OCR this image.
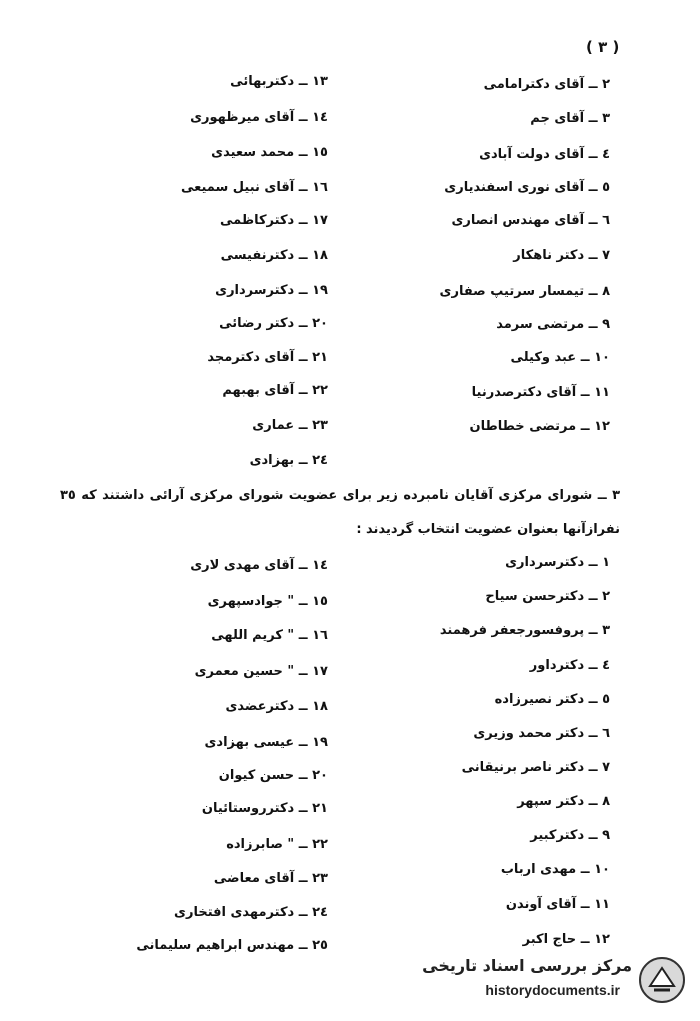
( ٣ )
٢ ــ آقای دکترامامی
٣ ــ آقای جم
٤ ــ آقای دولت آبادی
٥ ــ آقای نوری اسفندیاری
٦ ــ آقای مهندس انصاری
٧ ــ دکتر ناهکار
٨ ــ تیمسار سرتیپ صفاری
٩ ــ مرتضی سرمد
١٠ ــ عبد وکیلی
١١ ــ آقای دکترصدرنیا
١٢ ــ مرتضی خطاطان
١٣ ــ دکتربهائی
١٤ ــ آقای میرظهوری
١٥ ــ محمد سعیدی
١٦ ــ آقای نبیل سمیعی
١٧ ــ دکترکاظمی
١٨ ــ دکترنفیسی
١٩ ــ دکترسرداری
٢٠ ــ دکتر رضائی
٢١ ــ آقای دکترمجد
٢٢ ــ آقای بهبهم
٢٣ ــ عمارى
٢٤ ــ بهزادی
٣ ــ شورای مرکزی آقایان نامبرده زیر برای عضویت شورای مرکزی آرائی داشتند که ٣٥ نفرازآنها بعنوان عضویت انتخاب گردیدند :
١ ــ دکترسرداری
٢ ــ دکترحسن سیاح
٣ ــ پروفسورجعفر فرهمند
٤ ــ دکترداور
٥ ــ دکتر نصیرزاده
٦ ــ دکتر محمد وزیری
٧ ــ دکتر ناصر برنیقانی
٨ ــ دکتر سپهر
٩ ــ دکترکبیر
١٠ ــ مهدی ارباب
١١ ــ آقای آوندن
١٢ ــ حاج اکبر
١٤ ــ آقای مهدی لاری
١٥ ــ " جوادسپهری
١٦ ــ " کریم اللهی
١٧ ــ " حسین معمری
١٨ ــ دکترعضدی
١٩ ــ عیسی بهزادی
٢٠ ــ حسن کیوان
٢١ ــ دکترروستائیان
٢٢ ــ " صابرزاده
٢٣ ــ آقای معاضی
٢٤ ــ دکترمهدی افتخاری
٢٥ ــ مهندس ابراهیم سلیمانی
مرکز بررسی اسناد تاریخی
historydocuments.ir
